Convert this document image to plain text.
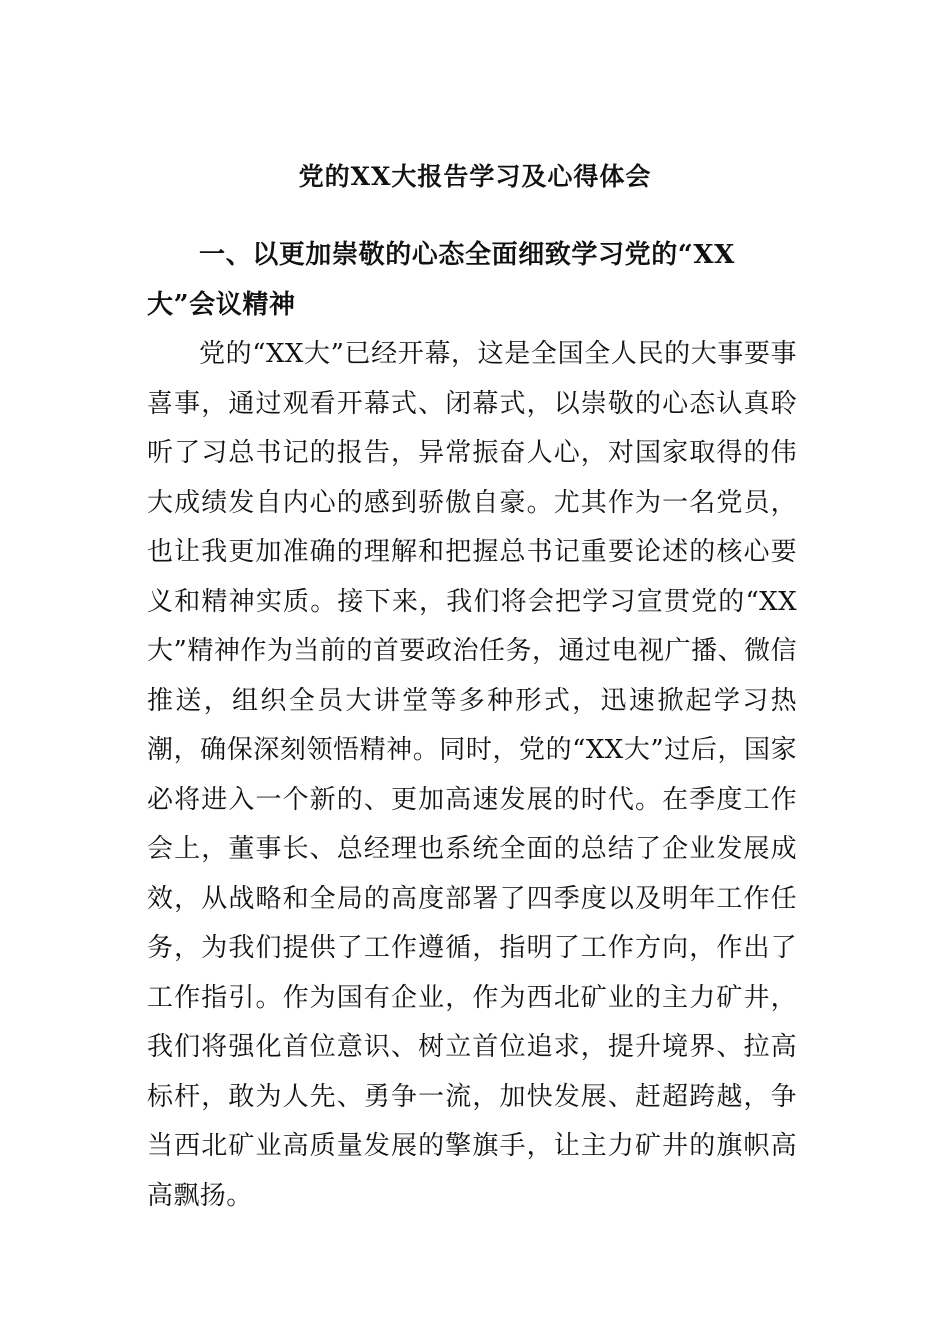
党的XX大报告学习及心得体会
一、以更加崇敬的心态全面细致学习党的“XX大”会议精神

党的“XX大”已经开幕，这是全国全人民的大事要事喜事，通过观看开幕式、闭幕式，以崇敬的心态认真聆听了习总书记的报告，异常振奋人心，对国家取得的伟大成绩发自内心的感到骄傲自豪。尤其作为一名党员，也让我更加准确的理解和把握总书记重要论述的核心要义和精神实质。接下来，我们将会把学习宣贯党的“XX大”精神作为当前的首要政治任务，通过电视广播、微信推送，组织全员大讲堂等多种形式，迅速掀起学习热潮，确保深刻领悟精神。同时，党的“XX大”过后，国家必将进入一个新的、更加高速发展的时代。在季度工作会上，董事长、总经理也系统全面的总结了企业发展成效，从战略和全局的高度部署了四季度以及明年工作任务，为我们提供了工作遵循，指明了工作方向，作出了工作指引。作为国有企业，作为西北矿业的主力矿井，我们将强化首位意识、树立首位追求，提升境界、拉高标杆，敢为人先、勇争一流，加快发展、赶超跨越，争当西北矿业高质量发展的擎旗手，让主力矿井的旗帜高高飘扬。
